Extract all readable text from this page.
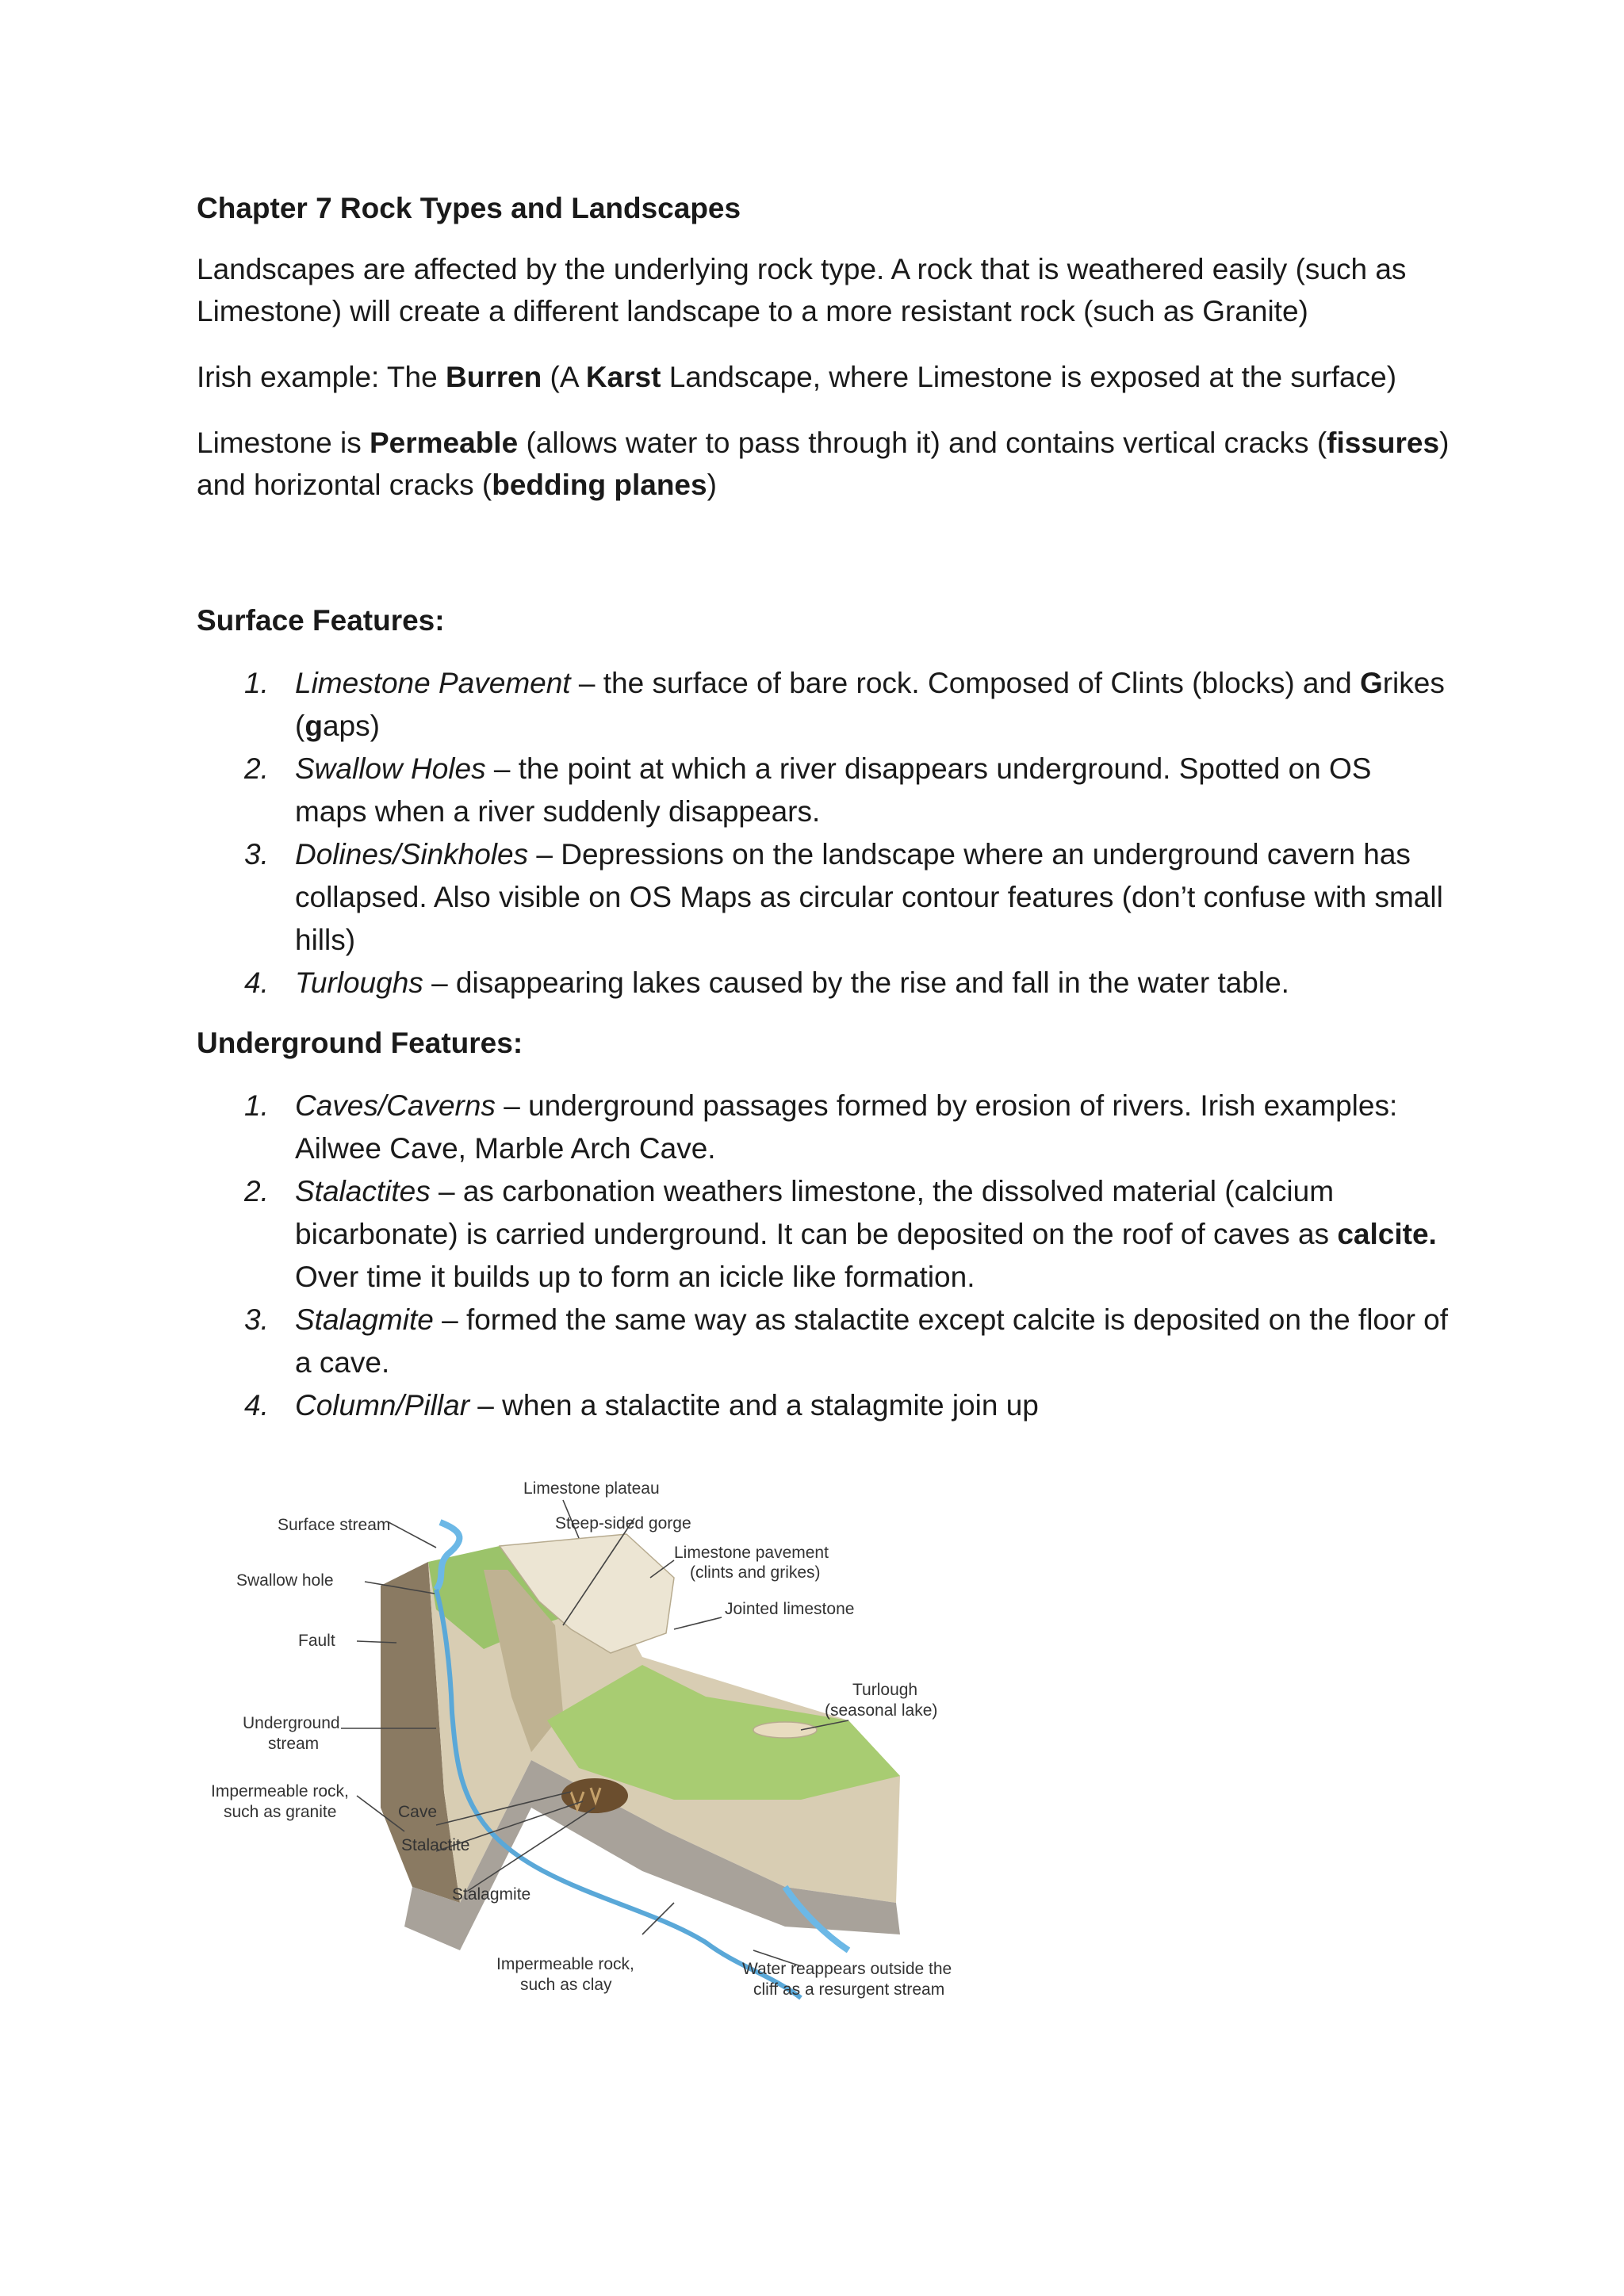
Chapter 7 Rock Types and Landscapes

Landscapes are affected by the underlying rock type. A rock that is weathered easily (such as Limestone) will create a different landscape to a more resistant rock (such as Granite)

Irish example: The Burren (A Karst Landscape, where Limestone is exposed at the surface)

Limestone is Permeable (allows water to pass through it) and contains vertical cracks (fissures) and horizontal cracks (bedding planes)

Surface Features:

1. Limestone Pavement – the surface of bare rock. Composed of Clints (blocks) and Grikes (gaps)
2. Swallow Holes – the point at which a river disappears underground. Spotted on OS maps when a river suddenly disappears.
3. Dolines/Sinkholes – Depressions on the landscape where an underground cavern has collapsed. Also visible on OS Maps as circular contour features (don’t confuse with small hills)
4. Turloughs – disappearing lakes caused by the rise and fall in the water table.

Underground Features:

1. Caves/Caverns – underground passages formed by erosion of rivers. Irish examples: Ailwee Cave, Marble Arch Cave.
2. Stalactites – as carbonation weathers limestone, the dissolved material (calcium bicarbonate) is carried underground. It can be deposited on the roof of caves as calcite. Over time it builds up to form an icicle like formation.
3. Stalagmite – formed the same way as stalactite except calcite is deposited on the floor of a cave.
4. Column/Pillar – when a stalactite and a stalagmite join up
Limestone plateau
Surface stream	Steep-sided gorge
Limestone pavement
(clints and grikes)
Swallow hole
Jointed limestone
Fault
Turlough
(seasonal lake)
Underground
stream
Impermeable rock,
such as granite	Cave
Stalactite
Stalagmite
Impermeable rock,
such as clay
Water reappears outside the
cliff as a resurgent stream
